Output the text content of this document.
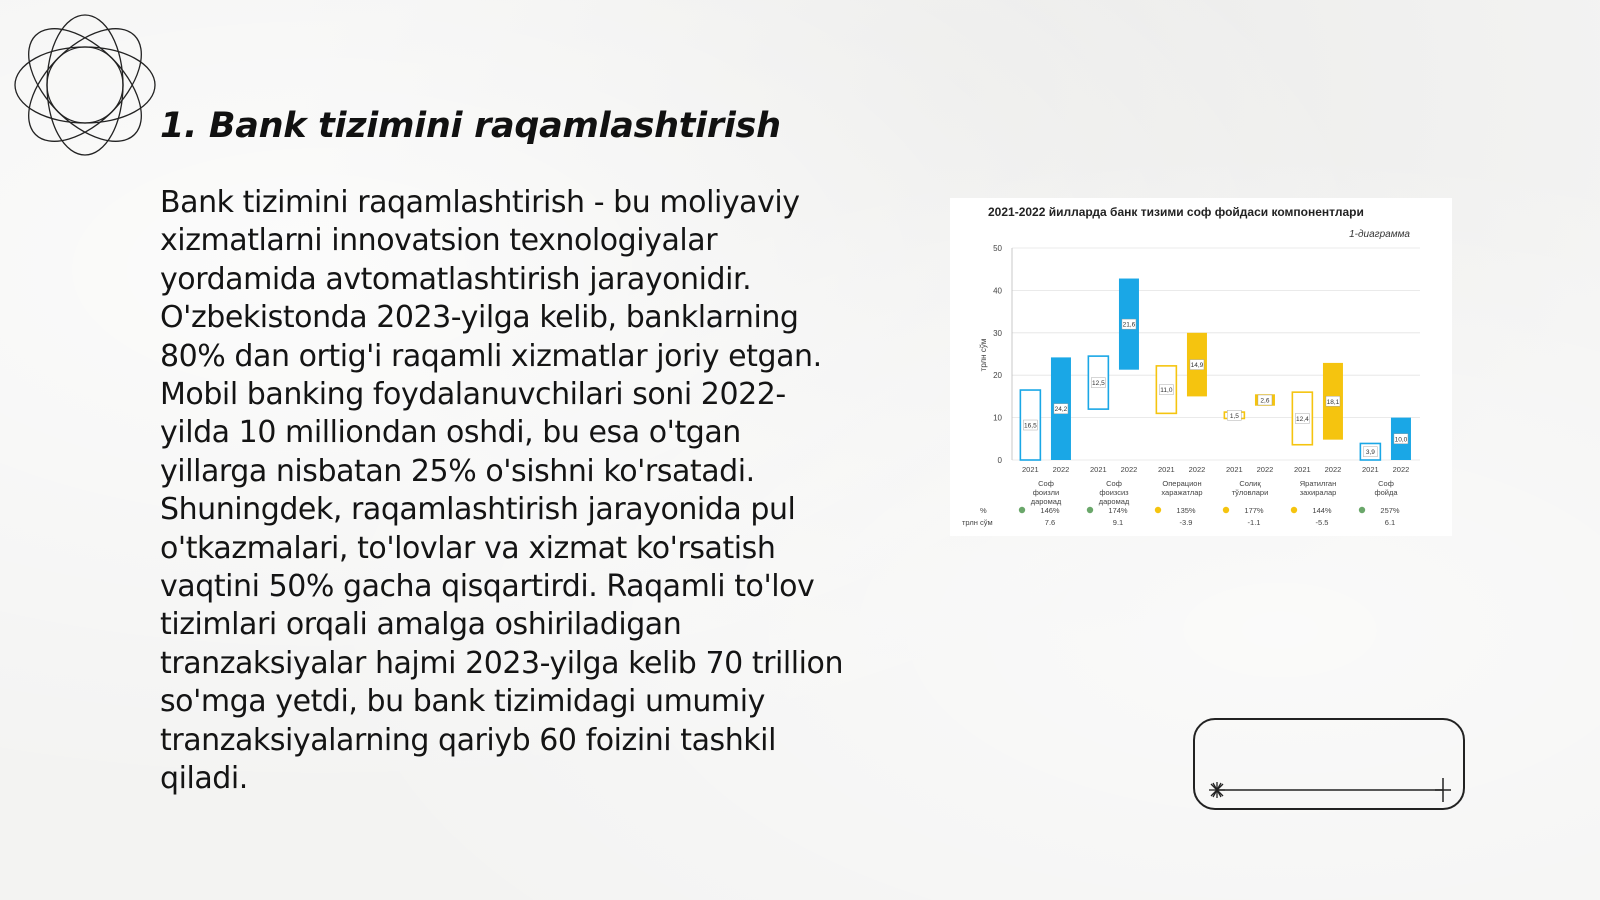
1. Bank tizimini raqamlashtirish

Bank tizimini raqamlashtirish - bu moliyaviy xizmatlarni innovatsion texnologiyalar yordamida avtomatlashtirish jarayonidir. O'zbekistonda 2023-yilga kelib, banklarning 80% dan ortig'i raqamli xizmatlar joriy etgan. Mobil banking foydalanuvchilari soni 2022-yilda 10 milliondan oshdi, bu esa o'tgan yillarga nisbatan 25% o'sishni ko'rsatadi. Shuningdek, raqamlashtirish jarayonida pul o'tkazmalari, to'lovlar va xizmat ko'rsatish vaqtini 50% gacha qisqartirdi. Raqamli to'lov tizimlari orqali amalga oshiriladigan tranzaksiyalar hajmi 2023-yilga kelib 70 trillion so'mga yetdi, bu bank tizimidagi umumiy tranzaksiyalarning qariyb 60 foizini tashkil qiladi.

2021-2022 йилларда банк тизими соф фойдаси компонентлари
1-диаграмма
трлн сўм
0
10
20
30
40
50
16,5
24,2
12,5
21,6
11,0
14,9
1,5
2,6
12,4
18,1
3,9
10,0
2021 2022
Соф
фоизли
даромад
2021 2022
Соф
фоизсиз
даромад
2021 2022
Операцион
харажатлар
2021 2022
Солиқ
тўловлари
2021 2022
Яратилган
захиралар
2021 2022
Соф
фойда
%
трлн сўм
146%
7.6
174%
9.1
135%
-3.9
177%
-1.1
144%
-5.5
257%
6.1
